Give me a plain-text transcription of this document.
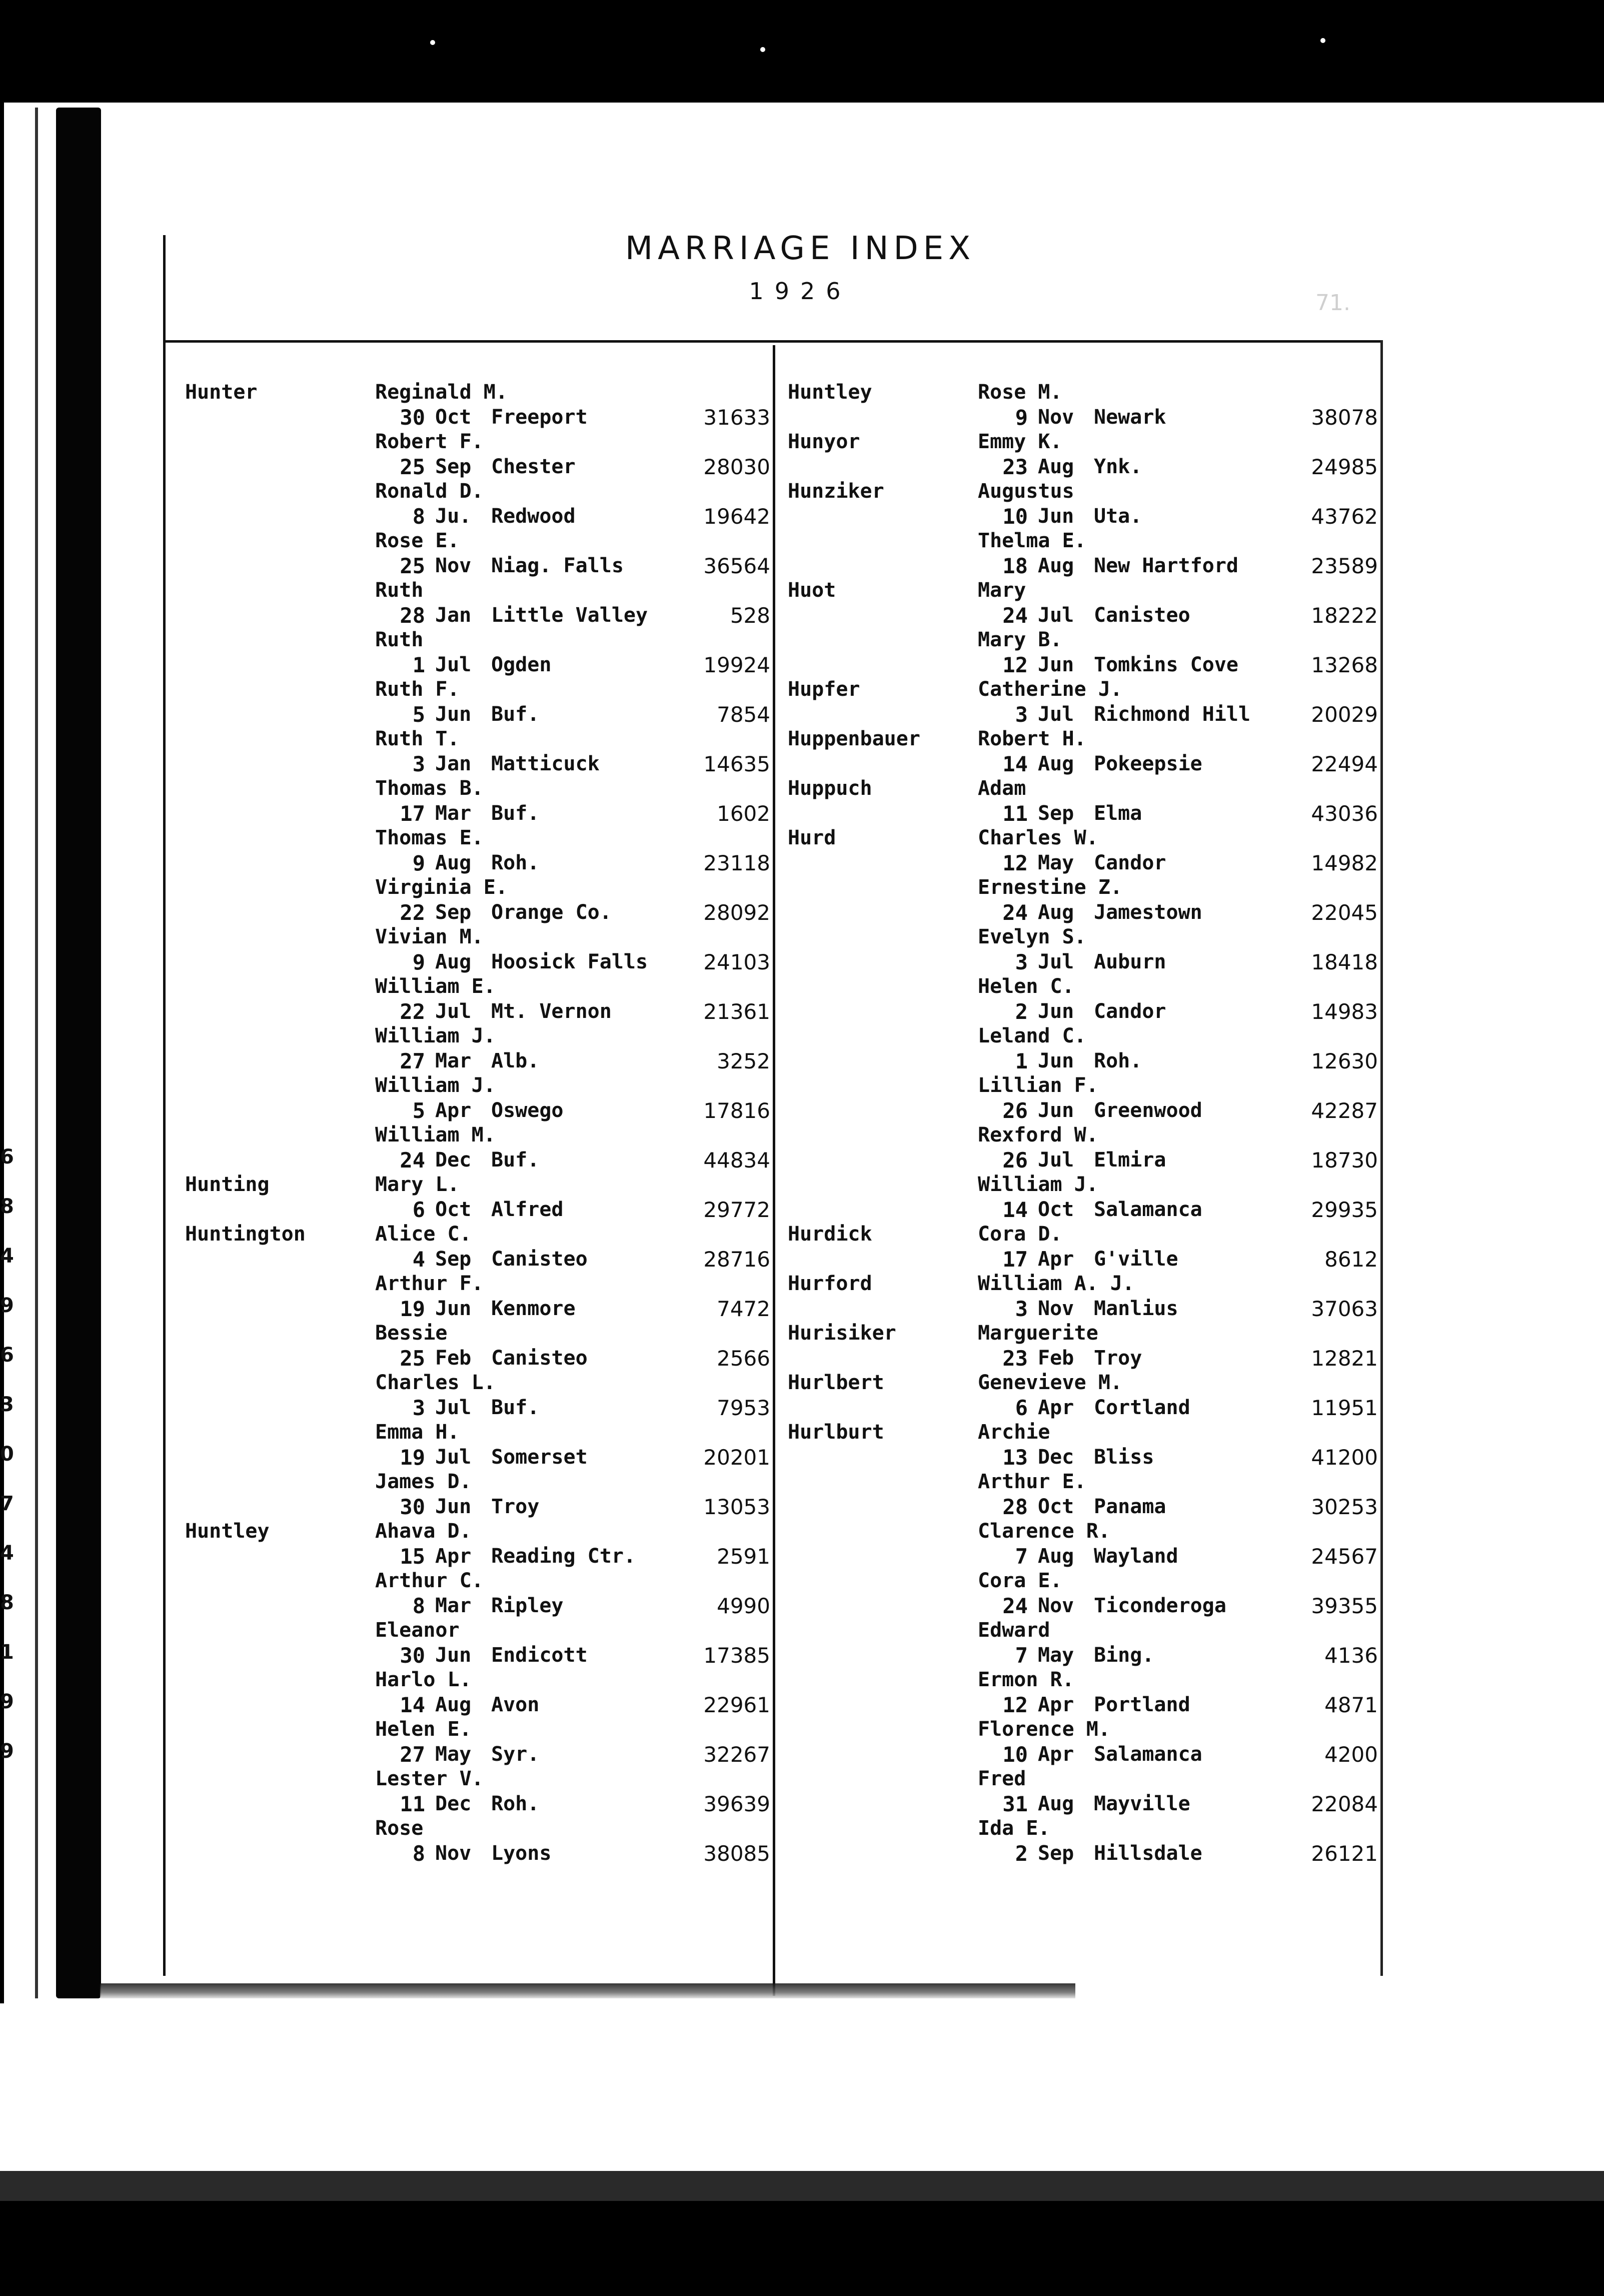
6
8
4
9
6
3
0
7
4
8
1
9
9
MARRIAGE INDEX
1926	71.
Hunter	Reginald M.
30 Oct Freeport	31633
Robert F.
25 Sep Chester	28030
Ronald D.
8 Ju. Redwood	19642
Rose E.
25 Nov Niag. Falls	36564
Ruth
28 Jan Little Valley	528
Ruth
1 Jul Ogden	19924
Ruth F.
5 Jun Buf.	7854
Ruth T.
3 Jan Matticuck	14635
Thomas B.
17 Mar Buf.	1602
Thomas E.
9 Aug Roh.	23118
Virginia E.
22 Sep Orange Co.	28092
Vivian M.
9 Aug Hoosick Falls	24103
William E.
22 Jul Mt. Vernon	21361
William J.
27 Mar Alb.	3252
William J.
5 Apr Oswego	17816
William M.
24 Dec Buf.	44834
Hunting	Mary L.
6 Oct Alfred	29772
Huntington	Alice C.
4 Sep Canisteo	28716
Arthur F.
19 Jun Kenmore	7472
Bessie
25 Feb Canisteo	2566
Charles L.
3 Jul Buf.	7953
Emma H.
19 Jul Somerset	20201
James D.
30 Jun Troy	13053
Huntley	Ahava D.
15 Apr Reading Ctr.	2591
Arthur C.
8 Mar Ripley	4990
Eleanor
30 Jun Endicott	17385
Harlo L.
14 Aug Avon	22961
Helen E.
27 May Syr.	32267
Lester V.
11 Dec Roh.	39639
Rose
8 Nov Lyons	38085
Huntley	Rose M.
9 Nov Newark	38078
Hunyor	Emmy K.
23 Aug Ynk.	24985
Hunziker	Augustus
10 Jun Uta.	43762
Thelma E.
18 Aug New Hartford	23589
Huot	Mary
24 Jul Canisteo	18222
Mary B.
12 Jun Tomkins Cove	13268
Hupfer	Catherine J.
3 Jul Richmond Hill	20029
Huppenbauer	Robert H.
14 Aug Pokeepsie	22494
Huppuch	Adam
11 Sep Elma	43036
Hurd	Charles W.
12 May Candor	14982
Ernestine Z.
24 Aug Jamestown	22045
Evelyn S.
3 Jul Auburn	18418
Helen C.
2 Jun Candor	14983
Leland C.
1 Jun Roh.	12630
Lillian F.
26 Jun Greenwood	42287
Rexford W.
26 Jul Elmira	18730
William J.
14 Oct Salamanca	29935
Hurdick	Cora D.
17 Apr G'ville	8612
Hurford	William A. J.
3 Nov Manlius	37063
Hurisiker	Marguerite
23 Feb Troy	12821
Hurlbert	Genevieve M.
6 Apr Cortland	11951
Hurlburt	Archie
13 Dec Bliss	41200
Arthur E.
28 Oct Panama	30253
Clarence R.
7 Aug Wayland	24567
Cora E.
24 Nov Ticonderoga	39355
Edward
7 May Bing.	4136
Ermon R.
12 Apr Portland	4871
Florence M.
10 Apr Salamanca	4200
Fred
31 Aug Mayville	22084
Ida E.
2 Sep Hillsdale	26121
